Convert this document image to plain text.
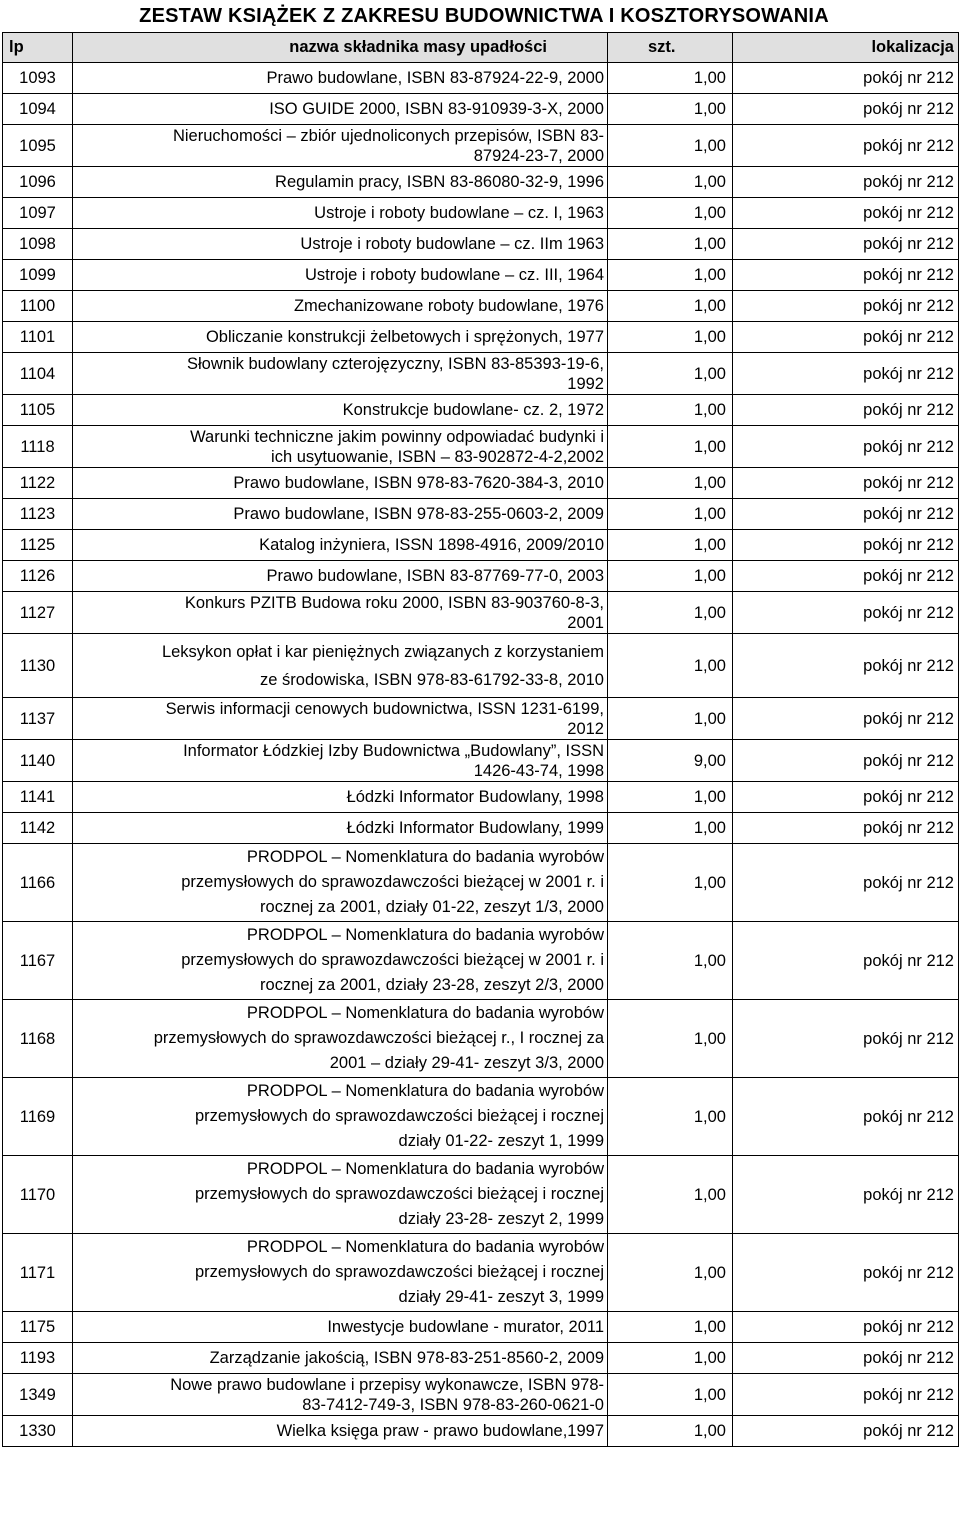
ZESTAW KSIĄŻEK Z ZAKRESU BUDOWNICTWA I KOSZTORYSOWANIA
lp	nazwa składnika masy upadłości	szt.	lokalizacja
1093	Prawo budowlane, ISBN 83-87924-22-9, 2000	1,00	pokój nr 212
1094	ISO GUIDE 2000, ISBN 83-910939-3-X, 2000	1,00	pokój nr 212
1095	Nieruchomości – zbiór ujednoliconych przepisów, ISBN 83-
87924-23-7, 2000	1,00	pokój nr 212
1096	Regulamin pracy, ISBN 83-86080-32-9, 1996	1,00	pokój nr 212
1097	Ustroje i roboty budowlane – cz. I, 1963	1,00	pokój nr 212
1098	Ustroje i roboty budowlane – cz. IIm 1963	1,00	pokój nr 212
1099	Ustroje i roboty budowlane – cz. III, 1964	1,00	pokój nr 212
1100	Zmechanizowane roboty budowlane, 1976	1,00	pokój nr 212
1101	Obliczanie konstrukcji żelbetowych i sprężonych, 1977	1,00	pokój nr 212
1104	Słownik budowlany czterojęzyczny, ISBN 83-85393-19-6,
1992	1,00	pokój nr 212
1105	Konstrukcje budowlane- cz. 2, 1972	1,00	pokój nr 212
1118	Warunki techniczne jakim powinny odpowiadać budynki i
ich usytuowanie, ISBN – 83-902872-4-2,2002	1,00	pokój nr 212
1122	Prawo budowlane, ISBN 978-83-7620-384-3, 2010	1,00	pokój nr 212
1123	Prawo budowlane, ISBN 978-83-255-0603-2, 2009	1,00	pokój nr 212
1125	Katalog inżyniera, ISSN 1898-4916, 2009/2010	1,00	pokój nr 212
1126	Prawo budowlane, ISBN 83-87769-77-0, 2003	1,00	pokój nr 212
1127	Konkurs PZITB Budowa roku 2000, ISBN 83-903760-8-3,
2001	1,00	pokój nr 212
1130	Leksykon opłat i kar pieniężnych związanych z korzystaniem
ze środowiska, ISBN 978-83-61792-33-8, 2010	1,00	pokój nr 212
1137	Serwis informacji cenowych budownictwa, ISSN 1231-6199,
2012	1,00	pokój nr 212
1140	Informator Łódzkiej Izby Budownictwa „Budowlany”, ISSN
1426-43-74, 1998	9,00	pokój nr 212
1141	Łódzki Informator Budowlany, 1998	1,00	pokój nr 212
1142	Łódzki Informator Budowlany, 1999	1,00	pokój nr 212
1166	PRODPOL – Nomenklatura do badania wyrobów
przemysłowych do sprawozdawczości bieżącej w 2001 r. i
rocznej za 2001, działy 01-22, zeszyt 1/3, 2000	1,00	pokój nr 212
1167	PRODPOL – Nomenklatura do badania wyrobów
przemysłowych do sprawozdawczości bieżącej w 2001 r. i
rocznej za 2001, działy 23-28, zeszyt 2/3, 2000	1,00	pokój nr 212
1168	PRODPOL – Nomenklatura do badania wyrobów
przemysłowych do sprawozdawczości bieżącej r., I rocznej za
2001 – działy 29-41- zeszyt 3/3, 2000	1,00	pokój nr 212
1169	PRODPOL – Nomenklatura do badania wyrobów
przemysłowych do sprawozdawczości bieżącej i rocznej
działy 01-22- zeszyt 1, 1999	1,00	pokój nr 212
1170	PRODPOL – Nomenklatura do badania wyrobów
przemysłowych do sprawozdawczości bieżącej i rocznej
działy 23-28- zeszyt 2, 1999	1,00	pokój nr 212
1171	PRODPOL – Nomenklatura do badania wyrobów
przemysłowych do sprawozdawczości bieżącej i rocznej
działy 29-41- zeszyt 3, 1999	1,00	pokój nr 212
1175	Inwestycje budowlane - murator, 2011	1,00	pokój nr 212
1193	Zarządzanie jakością, ISBN 978-83-251-8560-2, 2009	1,00	pokój nr 212
1349	Nowe prawo budowlane i przepisy wykonawcze, ISBN 978-
83-7412-749-3, ISBN 978-83-260-0621-0	1,00	pokój nr 212
1330	Wielka księga praw - prawo budowlane,1997	1,00	pokój nr 212
